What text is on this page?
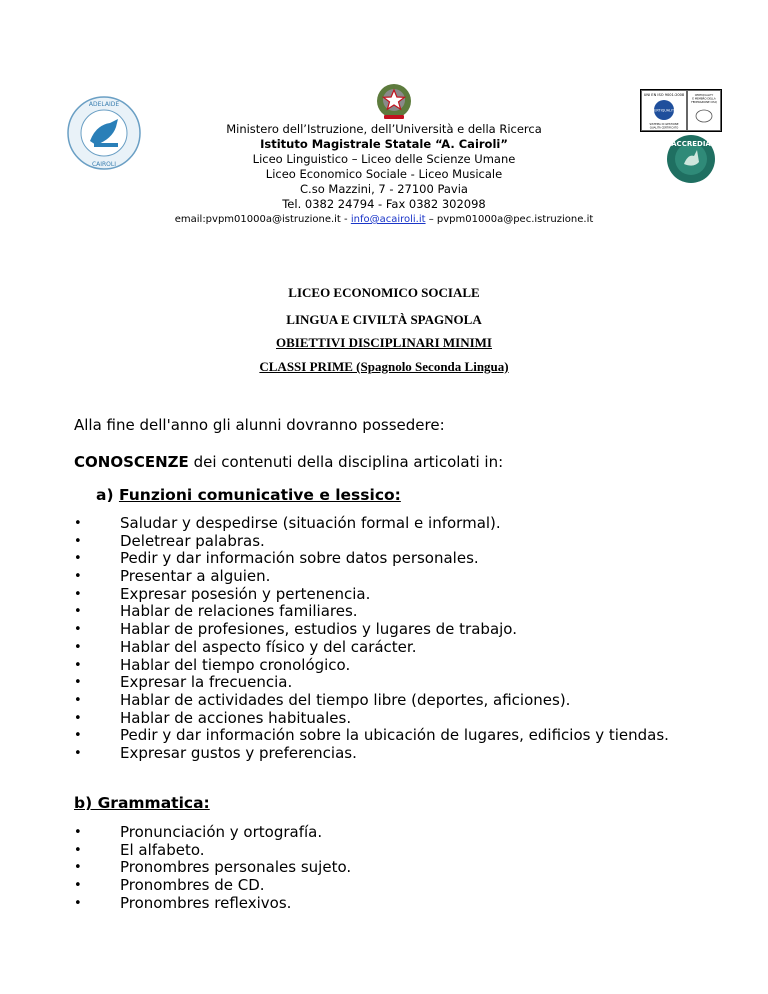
ADELAIDE
CAIROLI
UNI EN ISO 9001:2008
CERTIQUALITY
SISTEMA DI GESTIONE
QUALITÀ CERTIFICATO
CERTIQUALITY
È MEMBRO DELLA
FEDERAZIONE CISQ
ACCREDIA
Ministero dell’Istruzione, dell’Università e della Ricerca
Istituto Magistrale Statale “A. Cairoli”
Liceo Linguistico – Liceo delle Scienze Umane
Liceo Economico Sociale - Liceo Musicale
C.so Mazzini, 7 - 27100 Pavia
Tel. 0382 24794 - Fax 0382 302098
email:pvpm01000a@istruzione.it - info@acairoli.it – pvpm01000a@pec.istruzione.it
LICEO ECONOMICO SOCIALE
LINGUA E CIVILTÀ SPAGNOLA
OBIETTIVI DISCIPLINARI MINIMI
CLASSI PRIME (Spagnolo Seconda Lingua)
Alla fine dell'anno gli alunni dovranno possedere:
CONOSCENZE dei contenuti della disciplina articolati in:
a) Funzioni comunicative e lessico:
• Saludar y despedirse (situación formal e informal).
• Deletrear palabras.
• Pedir y dar información sobre datos personales.
• Presentar a alguien.
• Expresar posesión y pertenencia.
• Hablar de relaciones familiares.
• Hablar de profesiones, estudios y lugares de trabajo.
• Hablar del aspecto físico y del carácter.
• Hablar del tiempo cronológico.
• Expresar la frecuencia.
• Hablar de actividades del tiempo libre (deportes, aficiones).
• Hablar de acciones habituales.
• Pedir y dar información sobre la ubicación de lugares, edificios y tiendas.
• Expresar gustos y preferencias.
b) Grammatica:
• Pronunciación y ortografía.
• El alfabeto.
• Pronombres personales sujeto.
• Pronombres de CD.
• Pronombres reflexivos.
